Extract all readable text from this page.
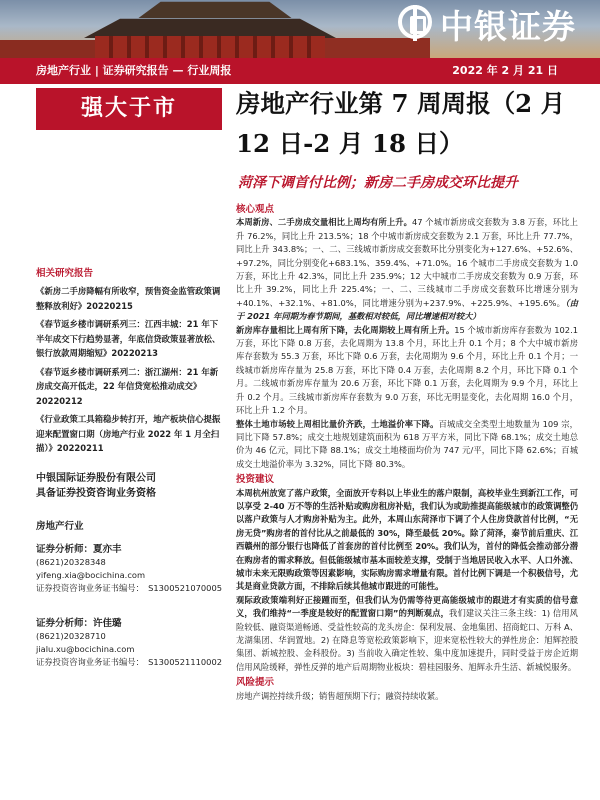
中银证券
房地产行业 | 证券研究报告 — 行业周报	2022 年 2 月 21 日
强大于市	房地产行业第 7 周周报（2 月 12 日-2 月 18 日）
菏泽下调首付比例；新房二手房成交环比提升
相关研究报告
《新房二手房降幅有所收窄，预售资金监管政策调整释放利好》20220215
《春节返乡楼市调研系列三：江西丰城：21 年下半年成交下行趋势显著，年底信贷政策显著放松、银行放款周期缩短》20220213
《春节返乡楼市调研系列二：浙江湖州：21 年新房成交高开低走，22 年信贷宽松推动成交》20220212
《行业政策工具箱稳步转打开，地产板块信心提振迎来配置窗口期（房地产行业 2022 年 1 月全扫描）》20220211
中银国际证券股份有限公司
具备证券投资咨询业务资格
房地产行业
证券分析师：夏亦丰
(8621)20328348
yifeng.xia@bocichina.com
证券投资咨询业务证书编号： S1300521070005
证券分析师：许佳璐
(8621)20328710
jialu.xu@bocichina.com
证券投资咨询业务证书编号： S1300521110002
核心观点
本周新房、二手房成交量相比上周均有所上升。47 个城市新房成交套数为 3.8 万套，环比上升 76.2%，同比上升 213.5%；18 个中城市新房成交套数为 2.1 万套，环比上升 77.7%，同比上升 343.8%；一、二、三线城市新房成交套数环比分别变化为+127.6%、+52.6%、+97.2%，同比分别变化+683.1%、359.4%、+71.0%。16 个城市二手房成交套数为 1.0 万套，环比上升 42.3%，同比上升 235.9%；12 大中城市二手房成交套数为 0.9 万套，环比上升 39.2%，同比上升 225.4%；一、二、三线城市二手房成交套数环比增速分别为+40.1%、+32.1%、+81.0%，同比增速分别为+237.9%、+225.9%、+195.6%。（由于 2021 年同期为春节期间，基数相对较低，同比增速相对较大）
新房库存量相比上周有所下降，去化周期较上周有所上升。15 个城市新房库存套数为 102.1 万套，环比下降 0.8 万套，去化周期为 13.8 个月，环比上升 0.1 个月；8 个大中城市新房库存套数为 55.3 万套，环比下降 0.6 万套，去化周期为 9.6 个月，环比上升 0.1 个月；一线城市新房库存量为 25.8 万套，环比下降 0.4 万套，去化周期 8.2 个月，环比下降 0.1 个月。二线城市新房库存量为 20.6 万套，环比下降 0.1 万套，去化周期为 9.9 个月，环比上升 0.2 个月。三线城市新房库存套数为 9.0 万套，环比无明显变化，去化周期 16.0 个月，环比上升 1.2 个月。
整体土地市场较上周相比量价齐跌，土地溢价率下降。百城成交全类型土地数量为 109 宗，同比下降 57.8%；成交土地规划建筑面积为 618 万平方米，同比下降 68.1%；成交土地总价为 46 亿元，同比下降 88.1%；成交土地楼面均价为 747 元/平，同比下降 62.6%；百城成交土地溢价率为 3.32%，同比下降 80.3%。
投资建议
本周杭州放宽了落户政策，全面放开专科以上毕业生的落户限制，高校毕业生到新江工作，可以享受 2-40 万不等的生活补贴或购房租房补贴，我们认为或助推提高能级城市的政策调整仍以落户政策与人才购房补贴为主。此外，本周山东菏泽市下调了个人住房贷款首付比例，“无房无贷”购房者的首付比从之前最低的 30%，降至最低 20%。除了菏泽，秦节前后重庆、江西赣州的部分银行也降低了首套房的首付比例至 20%。我们认为，首付的降低会推动部分潜在购房者的需求释放。但低能级城市基本面较差支撑，受制于当地居民收入水平、人口外流、城市未来无限购政策等因素影响，实际购房需求增量有限。首付比例下调是一个积极信号，尤其是商业贷款方面，不排除后续其他城市跟进的可能性。
观际政政策端利好正接踵而至，但我们认为仍需等待更高能级城市的跟进才有实质的信号意义，我们维持“一季度是较好的配置窗口期”的判断观点，我们建议关注三条主线：1) 信用风险较低、融资渠道畅通、受益性较高的龙头房企：保利发展、金地集团、招商蛇口、万科 A、龙湖集团、华润置地。2) 在降息等宽松政策影响下，迎来宽松性较大的弹性房企：旭辉控股集团、新城控股、金科股份。3) 当前收入确定性较、集中度加速提升，同时受益于房企近期信用风险缓释，弹性反弹的地产后周期物业板块：碧桂园服务、旭辉永升生活、新城悦服务。
风险提示
房地产调控持续升级；销售超预期下行；融资持续收紧。
